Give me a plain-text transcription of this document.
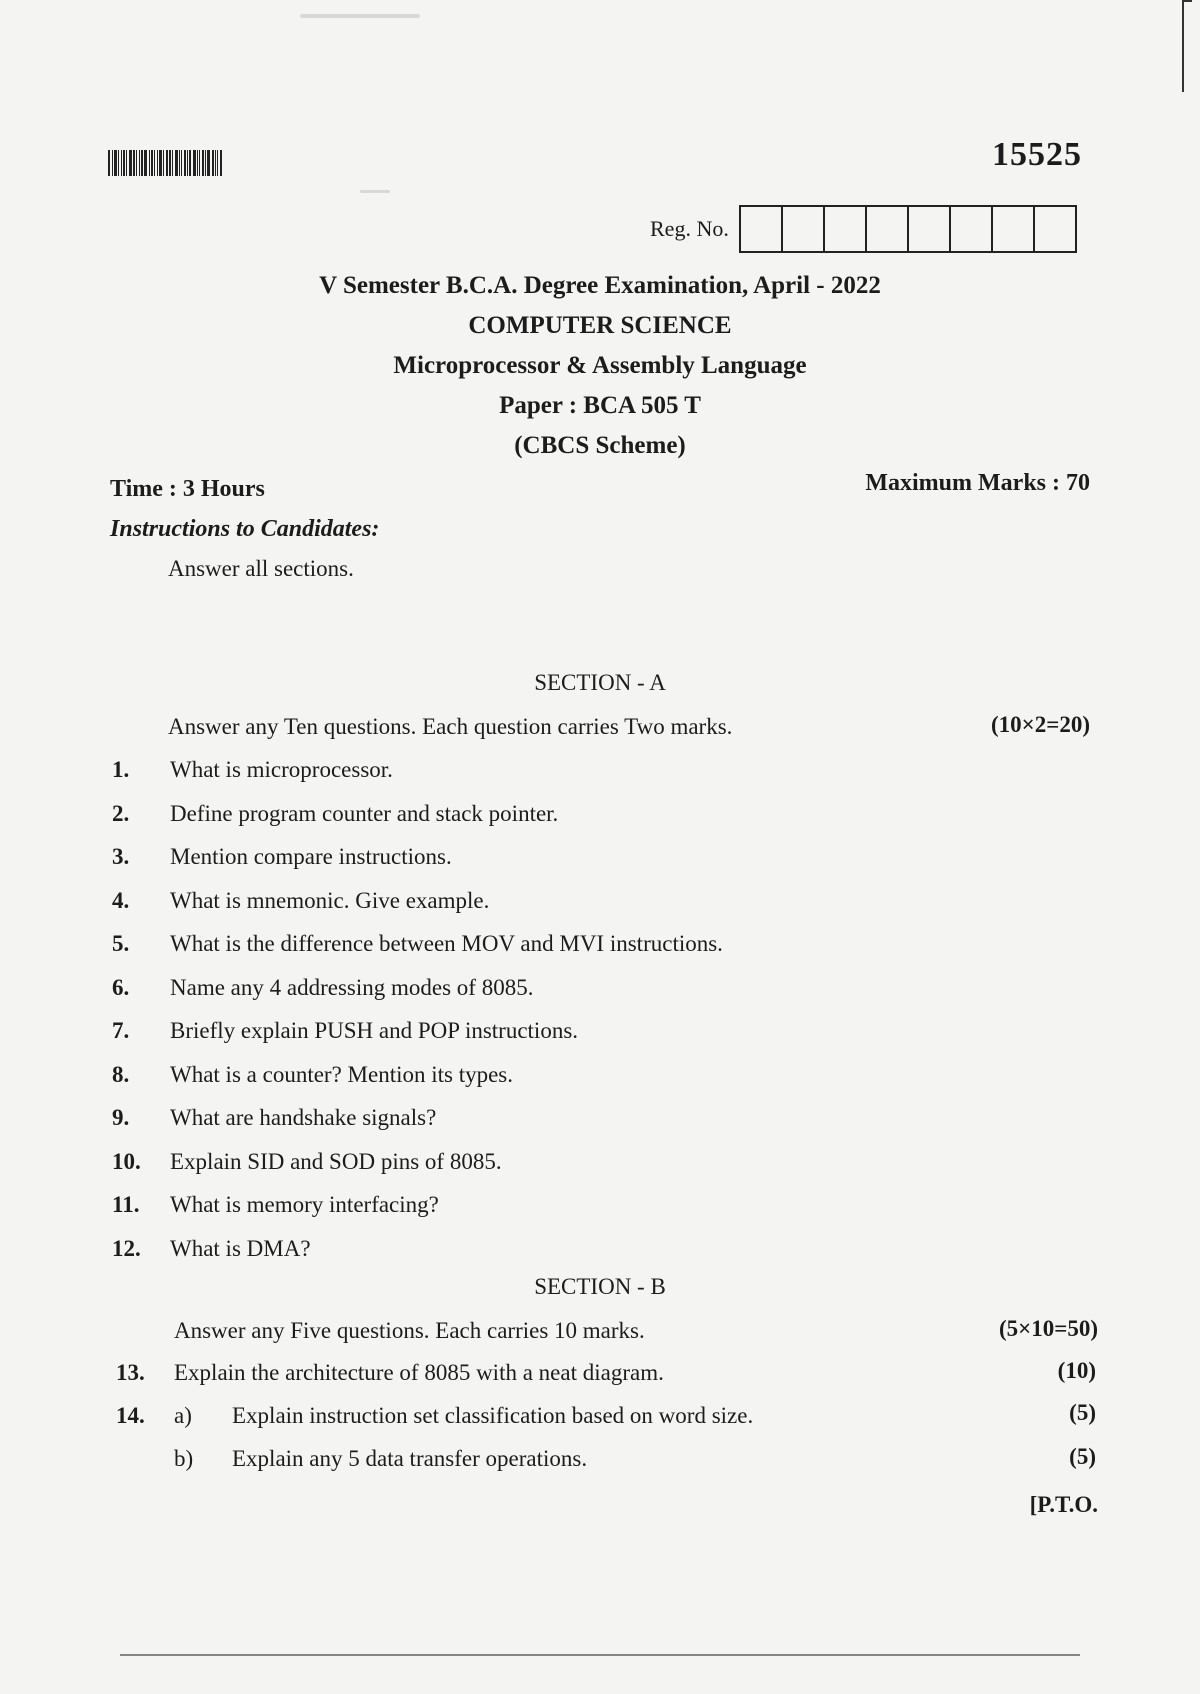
15525
Reg. No.
V Semester B.C.A. Degree Examination, April - 2022
COMPUTER SCIENCE
Microprocessor & Assembly Language
Paper : BCA 505 T
(CBCS Scheme)
Time : 3 Hours	Maximum Marks : 70
Instructions to Candidates:
Answer all sections.
SECTION - A
Answer any Ten questions. Each question carries Two marks.	(10×2=20)
1.	What is microprocessor.
2.	Define program counter and stack pointer.
3.	Mention compare instructions.
4.	What is mnemonic. Give example.
5.	What is the difference between MOV and MVI instructions.
6.	Name any 4 addressing modes of 8085.
7.	Briefly explain PUSH and POP instructions.
8.	What is a counter? Mention its types.
9.	What are handshake signals?
10.	Explain SID and SOD pins of 8085.
11.	What is memory interfacing?
12.	What is DMA?
SECTION - B
Answer any Five questions. Each carries 10 marks.	(5×10=50)
13. Explain the architecture of 8085 with a neat diagram.	(10)
14. a) Explain instruction set classification based on word size.	(5)
b) Explain any 5 data transfer operations.	(5)
[P.T.O.
